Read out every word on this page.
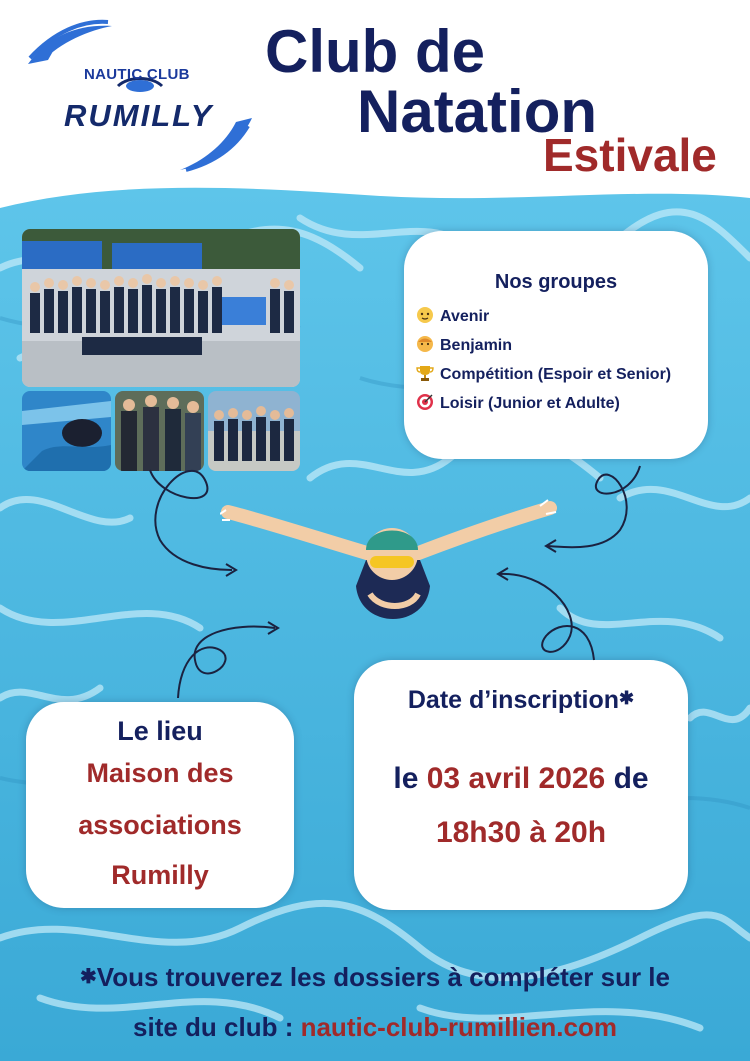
NAUTIC CLUB
RUMILLY
Club de
Natation
Estivale
Nos groupes
Avenir
Benjamin
Compétition (Espoir et Senior)
Loisir (Junior et Adulte)
Le lieu
Maison des
associations
Rumilly
Date d’inscription✱
le 03 avril 2026 de
18h30 à 20h
✱Vous trouverez les dossiers à compléter sur le
site du club : nautic-club-rumillien.com
